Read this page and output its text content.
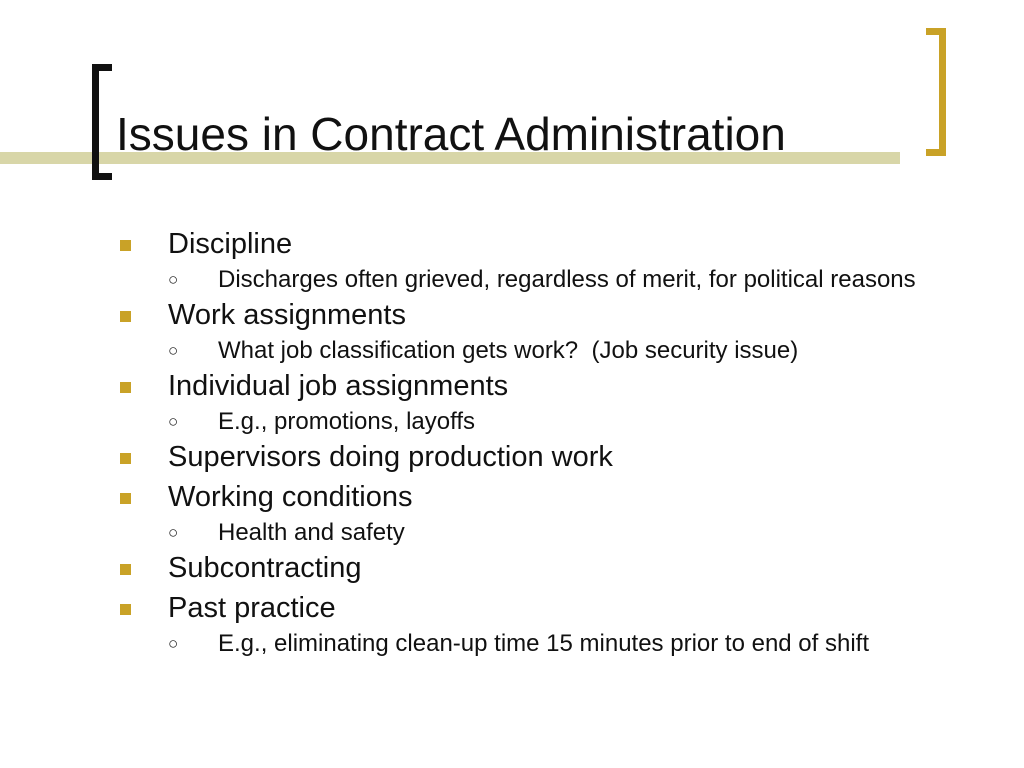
Issues in Contract Administration
Discipline
○ Discharges often grieved, regardless of merit, for political reasons
Work assignments
○ What job classification gets work?  (Job security issue)
Individual job assignments
○ E.g., promotions, layoffs
Supervisors doing production work
Working conditions
○ Health and safety
Subcontracting
Past practice
○ E.g., eliminating clean-up time 15 minutes prior to end of shift
